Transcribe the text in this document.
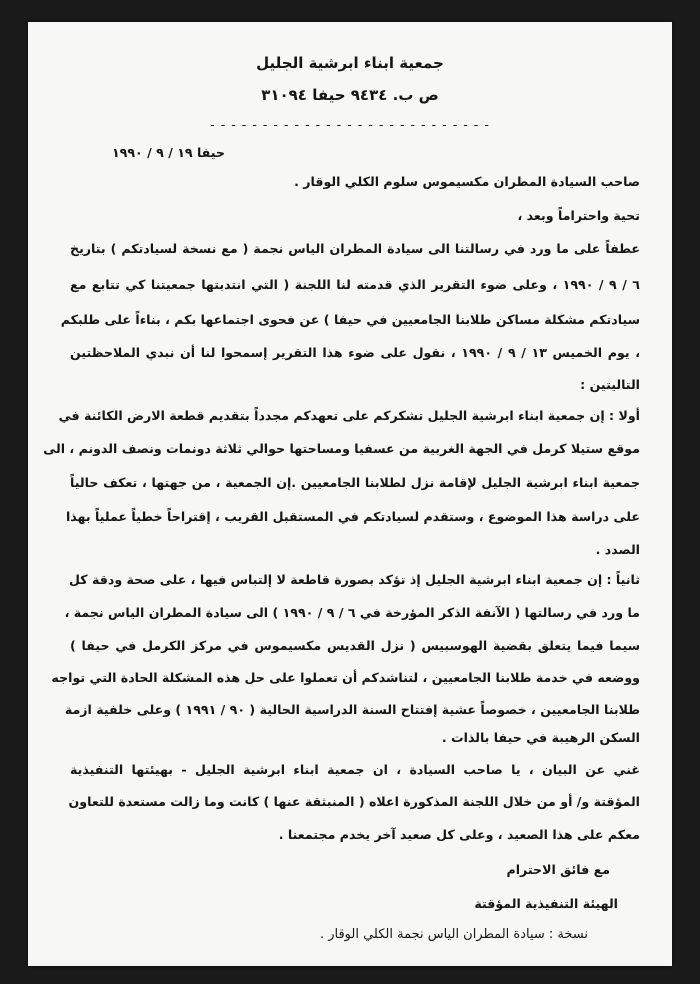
جمعية ابناء ابرشية الجليل
ص ب. ٩٤٣٤ حيفا ٣١٠٩٤
- - - - - - - - - - - - - - - - - - - - - - - - - - -
حيفا ١٩ / ٩ / ١٩٩٠
صاحب السيادة المطران مكسيموس سلوم الكلي الوقار .
تحية واحتراماً وبعد ،
عطفاً على ما ورد في رسالتنا الى سيادة المطران الياس نجمة ( مع نسخة لسيادتكم ) بتاريخ
٦ / ٩ / ١٩٩٠ ، وعلى ضوء التقرير الذي قدمته لنا اللجنة ( التي انتدبتها جمعيتنا كي تتابع مع
سيادتكم مشكلة مساكن طلابنا الجامعيين في حيفا ) عن فحوى اجتماعها بكم ، بناءاً على طلبكم
، يوم الخميس ١٣ / ٩ / ١٩٩٠ ، نقول على ضوء هذا التقرير إسمحوا لنا أن نبدي الملاحظتين
التاليتين :
أولا : إن جمعية ابناء ابرشية الجليل تشكركم على تعهدكم مجدداً بتقديم قطعة الارض الكائنة في
موقع ستيلا كرمل في الجهة الغربية من عسفيا ومساحتها حوالي ثلاثة دونمات ونصف الدونم ، الى
جمعية ابناء ابرشية الجليل لإقامة نزل لطلابنا الجامعيين .إن الجمعية ، من جهتها ، تعكف حالياً
على دراسة هذا الموضوع ، وستقدم لسيادتكم في المستقبل القريب ، إقتراحاً خطياً عملياً بهذا
الصدد .
ثانياً : إن جمعية ابناء ابرشية الجليل إذ تؤكد بصورة قاطعة لا إلتباس فيها ، على صحة ودقة كل
ما ورد في رسالتها ( الآنفة الذكر المؤرخة في ٦ / ٩ / ١٩٩٠ ) الى سيادة المطران الياس نجمة ،
سيما فيما يتعلق بقضية الهوسبيس ( نزل القديس مكسيموس في مركز الكرمل في حيفا )
ووضعه في خدمة طلابنا الجامعيين ، لتناشدكم أن تعملوا على حل هذه المشكلة الحادة التي تواجه
طلابنا الجامعيين ، خصوصاً عشية إفتتاح السنة الدراسية الحالية ( ٩٠ / ١٩٩١ ) وعلى خلفية ازمة
السكن الرهيبة في حيفا بالذات .
غني عن البيان ، يا صاحب السيادة ، ان جمعية ابناء ابرشية الجليل - بهيئتها التنفيذية
المؤقتة و/ أو من خلال اللجنة المذكورة اعلاه ( المنبثقة عنها ) كانت وما زالت مستعدة للتعاون
معكم على هذا الصعيد ، وعلى كل صعيد آخر يخدم مجتمعنا .
مع فائق الاحترام
الهيئة التنفيذية المؤقتة
نسخة : سيادة المطران الياس نجمة الكلي الوقار .
